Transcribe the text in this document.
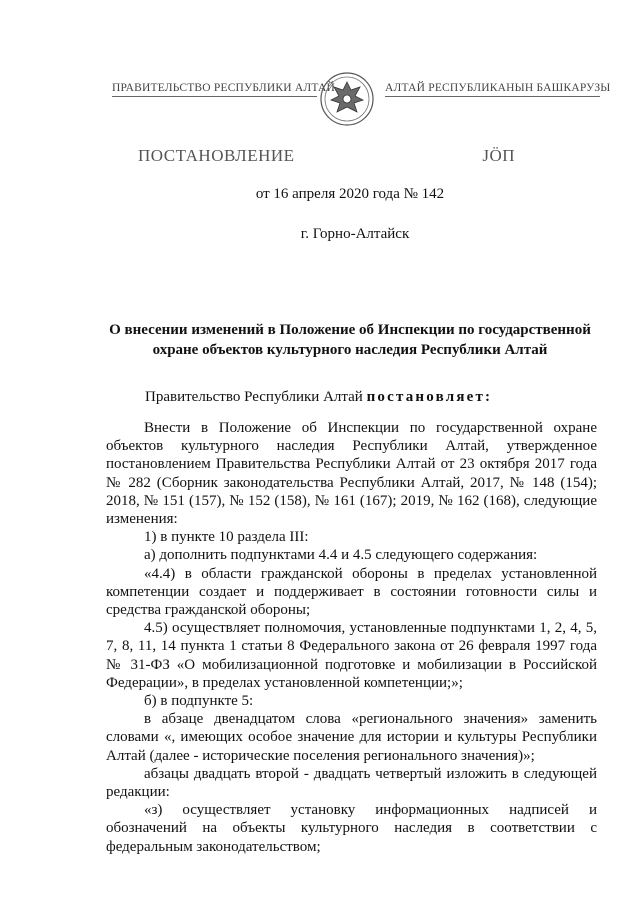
ПРАВИТЕЛЬСТВО РЕСПУБЛИКИ АЛТАЙ	АЛТАЙ РЕСПУБЛИКАНЫН БАШКАРУЗЫ
ПОСТАНОВЛЕНИЕ	ЈӦП
от 16 апреля 2020 года № 142
г. Горно-Алтайск
О внесении изменений в Положение об Инспекции по государственной
охране объектов культурного наследия Республики Алтай
Правительство Республики Алтай постановляет:

Внести в Положение об Инспекции по государственной охране объектов культурного наследия Республики Алтай, утвержденное постановлением Правительства Республики Алтай от 23 октября 2017 года № 282 (Сборник законодательства Республики Алтай, 2017, № 148 (154); 2018, № 151 (157), № 152 (158), № 161 (167); 2019, № 162 (168), следующие изменения:

1) в пункте 10 раздела III:

а) дополнить подпунктами 4.4 и 4.5 следующего содержания:

«4.4) в области гражданской обороны в пределах установленной компетенции создает и поддерживает в состоянии готовности силы и средства гражданской обороны;

4.5) осуществляет полномочия, установленные подпунктами 1, 2, 4, 5, 7, 8, 11, 14 пункта 1 статьи 8 Федерального закона от 26 февраля 1997 года № 31-ФЗ «О мобилизационной подготовке и мобилизации в Российской Федерации», в пределах установленной компетенции;»;

б) в подпункте 5:

в абзаце двенадцатом слова «регионального значения» заменить словами «, имеющих особое значение для истории и культуры Республики Алтай (далее - исторические поселения регионального значения)»;

абзацы двадцать второй - двадцать четвертый изложить в следующей редакции:

«з) осуществляет установку информационных надписей и обозначений на объекты культурного наследия в соответствии с федеральным законодательством;
